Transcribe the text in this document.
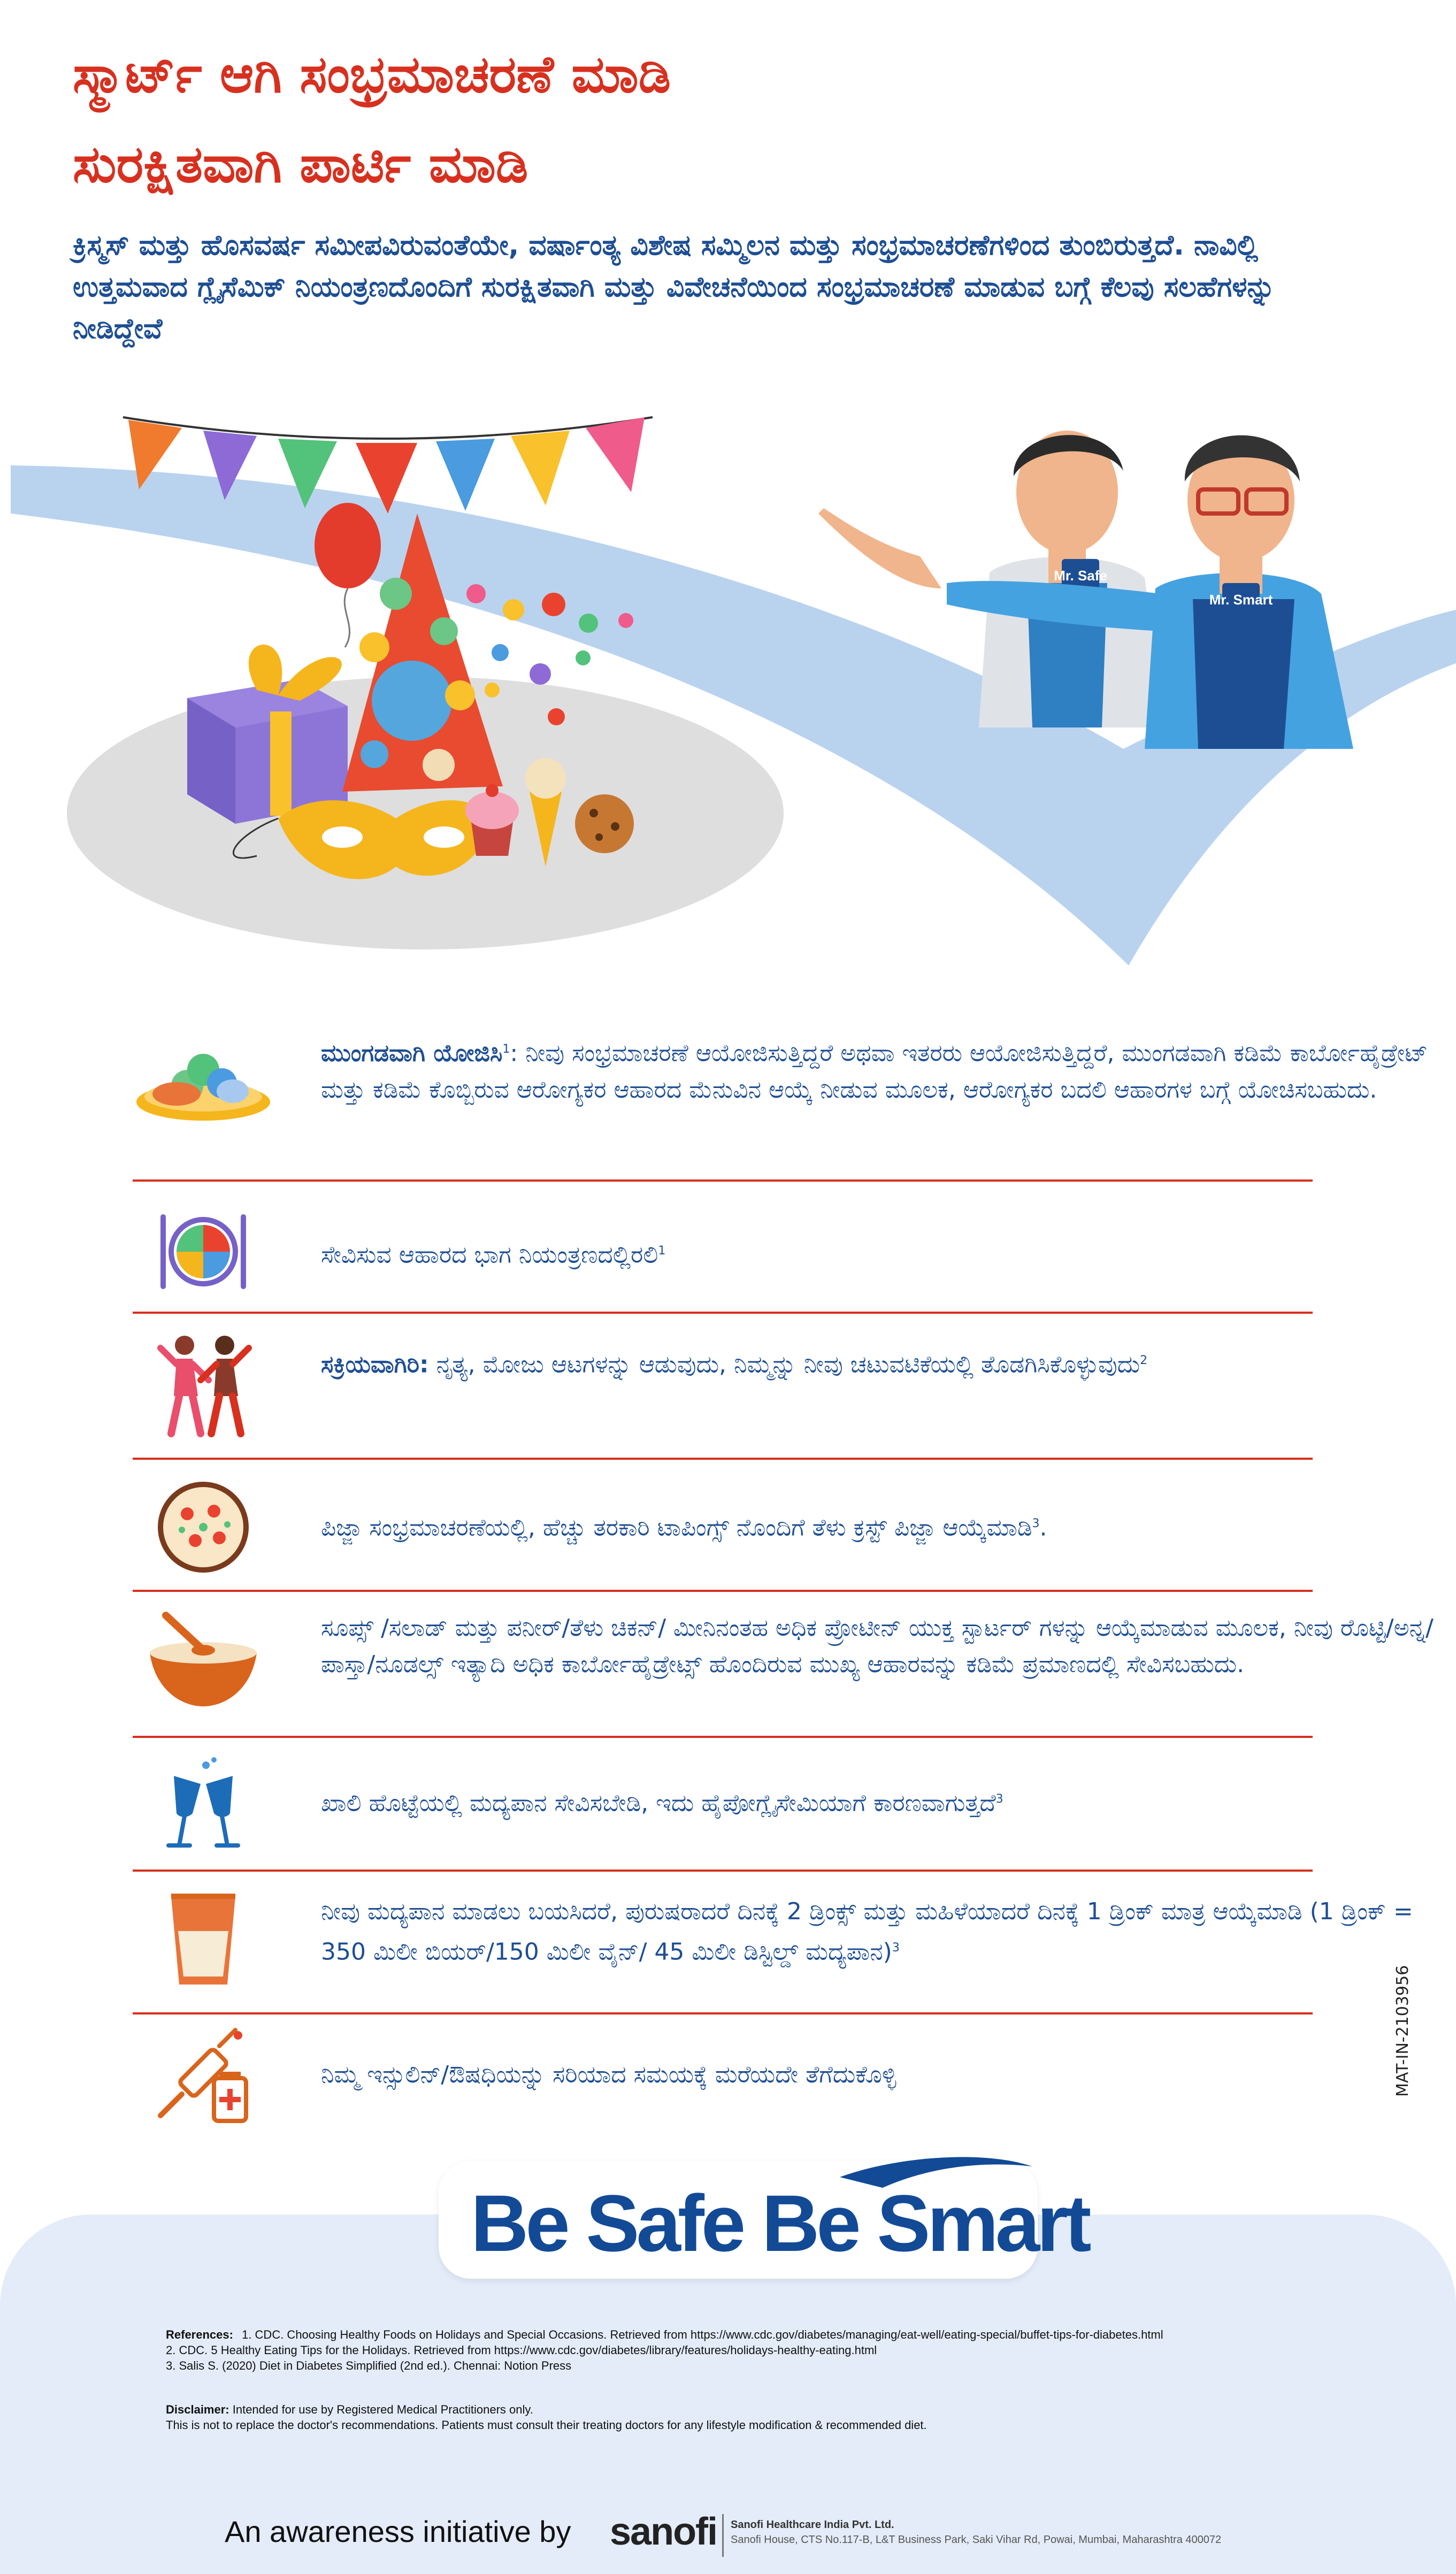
ಸ್ಮಾರ್ಟ್ ಆಗಿ ಸಂಭ್ರಮಾಚರಣೆ ಮಾಡಿ
ಸುರಕ್ಷಿತವಾಗಿ ಪಾರ್ಟಿ ಮಾಡಿ
ಕ್ರಿಸ್ಮಸ್ ಮತ್ತು ಹೊಸವರ್ಷ ಸಮೀಪವಿರುವಂತೆಯೇ, ವರ್ಷಾಂತ್ಯ ವಿಶೇಷ ಸಮ್ಮಿಲನ ಮತ್ತು ಸಂಭ್ರಮಾಚರಣೆಗಳಿಂದ ತುಂಬಿರುತ್ತದೆ. ನಾವಿಲ್ಲಿ ಉತ್ತಮವಾದ ಗ್ಲೈಸೆಮಿಕ್ ನಿಯಂತ್ರಣದೊಂದಿಗೆ ಸುರಕ್ಷಿತವಾಗಿ ಮತ್ತು ವಿವೇಚನೆಯಿಂದ ಸಂಭ್ರಮಾಚರಣೆ ಮಾಡುವ ಬಗ್ಗೆ ಕೆಲವು ಸಲಹೆಗಳನ್ನು ನೀಡಿದ್ದೇವೆ
Mr. Safe
Mr. Smart
ಮುಂಗಡವಾಗಿ ಯೋಜಿಸಿ$^1$: ನೀವು ಸಂಭ್ರಮಾಚರಣೆ ಆಯೋಜಿಸುತ್ತಿದ್ದರೆ ಅಥವಾ ಇತರರು ಆಯೋಜಿಸುತ್ತಿದ್ದರೆ, ಮುಂಗಡವಾಗಿ ಕಡಿಮೆ ಕಾರ್ಬೋಹೈಡ್ರೇಟ್ ಮತ್ತು ಕಡಿಮೆ ಕೊಬ್ಬಿರುವ ಆರೋಗ್ಯಕರ ಆಹಾರದ ಮೆನುವಿನ ಆಯ್ಕೆ ನೀಡುವ ಮೂಲಕ, ಆರೋಗ್ಯಕರ ಬದಲಿ ಆಹಾರಗಳ ಬಗ್ಗೆ ಯೋಚಿಸಬಹುದು.
ಸೇವಿಸುವ ಆಹಾರದ ಭಾಗ ನಿಯಂತ್ರಣದಲ್ಲಿರಲಿ$^1$
ಸಕ್ರಿಯವಾಗಿರಿ: ನೃತ್ಯ, ಮೋಜು ಆಟಗಳನ್ನು ಆಡುವುದು, ನಿಮ್ಮನ್ನು ನೀವು ಚಟುವಟಿಕೆಯಲ್ಲಿ ತೊಡಗಿಸಿಕೊಳ್ಳುವುದು$^2$
ಪಿಜ್ಜಾ ಸಂಭ್ರಮಾಚರಣೆಯಲ್ಲಿ, ಹೆಚ್ಚು ತರಕಾರಿ ಟಾಪಿಂಗ್ಸ್ ನೊಂದಿಗೆ ತೆಳು ಕ್ರಸ್ಟ್ ಪಿಜ್ಜಾ ಆಯ್ಕೆಮಾಡಿ$^3$.
ಸೂಪ್ಸ್ /ಸಲಾಡ್ ಮತ್ತು ಪನೀರ್/ತೆಳು ಚಿಕನ್/ ಮೀನಿನಂತಹ ಅಧಿಕ ಪ್ರೋಟೀನ್ ಯುಕ್ತ ಸ್ಟಾರ್ಟರ್ ಗಳನ್ನು ಆಯ್ಕೆಮಾಡುವ ಮೂಲಕ, ನೀವು ರೊಟ್ಟಿ/ಅನ್ನ/ಪಾಸ್ತಾ/ನೂಡಲ್ಸ್ ಇತ್ಯಾದಿ ಅಧಿಕ ಕಾರ್ಬೋಹೈಡ್ರೇಟ್ಸ್ ಹೊಂದಿರುವ ಮುಖ್ಯ ಆಹಾರವನ್ನು ಕಡಿಮೆ ಪ್ರಮಾಣದಲ್ಲಿ ಸೇವಿಸಬಹುದು.
ಖಾಲಿ ಹೊಟ್ಟೆಯಲ್ಲಿ ಮದ್ಯಪಾನ ಸೇವಿಸಬೇಡಿ, ಇದು ಹೈಪೋಗ್ಲೈಸೇಮಿಯಾಗೆ ಕಾರಣವಾಗುತ್ತದೆ$^3$
ನೀವು ಮದ್ಯಪಾನ ಮಾಡಲು ಬಯಸಿದರೆ, ಪುರುಷರಾದರೆ ದಿನಕ್ಕೆ 2 ಡ್ರಿಂಕ್ಸ್ ಮತ್ತು ಮಹಿಳೆಯಾದರೆ ದಿನಕ್ಕೆ 1 ಡ್ರಿಂಕ್ ಮಾತ್ರ ಆಯ್ಕೆಮಾಡಿ (1 ಡ್ರಿಂಕ್ = 350 ಮಿಲೀ ಬಿಯರ್/150 ಮಿಲೀ ವೈನ್/ 45 ಮಿಲೀ ಡಿಸ್ಟಿಲ್ಡ್ ಮದ್ಯಪಾನ)$^3$
ನಿಮ್ಮ ಇನ್ಸುಲಿನ್/ಔಷಧಿಯನ್ನು ಸರಿಯಾದ ಸಮಯಕ್ಕೆ ಮರೆಯದೇ ತೆಗೆದುಕೊಳ್ಳಿ	MAT-IN-2103956
Be Safe Be Smart
References: 1. CDC. Choosing Healthy Foods on Holidays and Special Occasions. Retrieved from https://www.cdc.gov/diabetes/managing/eat-well/eating-special/buffet-tips-for-diabetes.html
2. CDC. 5 Healthy Eating Tips for the Holidays. Retrieved from https://www.cdc.gov/diabetes/library/features/holidays-healthy-eating.html
3. Salis S. (2020) Diet in Diabetes Simplified (2nd ed.). Chennai: Notion Press
Disclaimer: Intended for use by Registered Medical Practitioners only.
This is not to replace the doctor's recommendations. Patients must consult their treating doctors for any lifestyle modification & recommended diet.
An awareness initiative by sanofi Sanofi Healthcare India Pvt. Ltd.
Sanofi House, CTS No.117-B, L&T Business Park, Saki Vihar Rd, Powai, Mumbai, Maharashtra 400072
